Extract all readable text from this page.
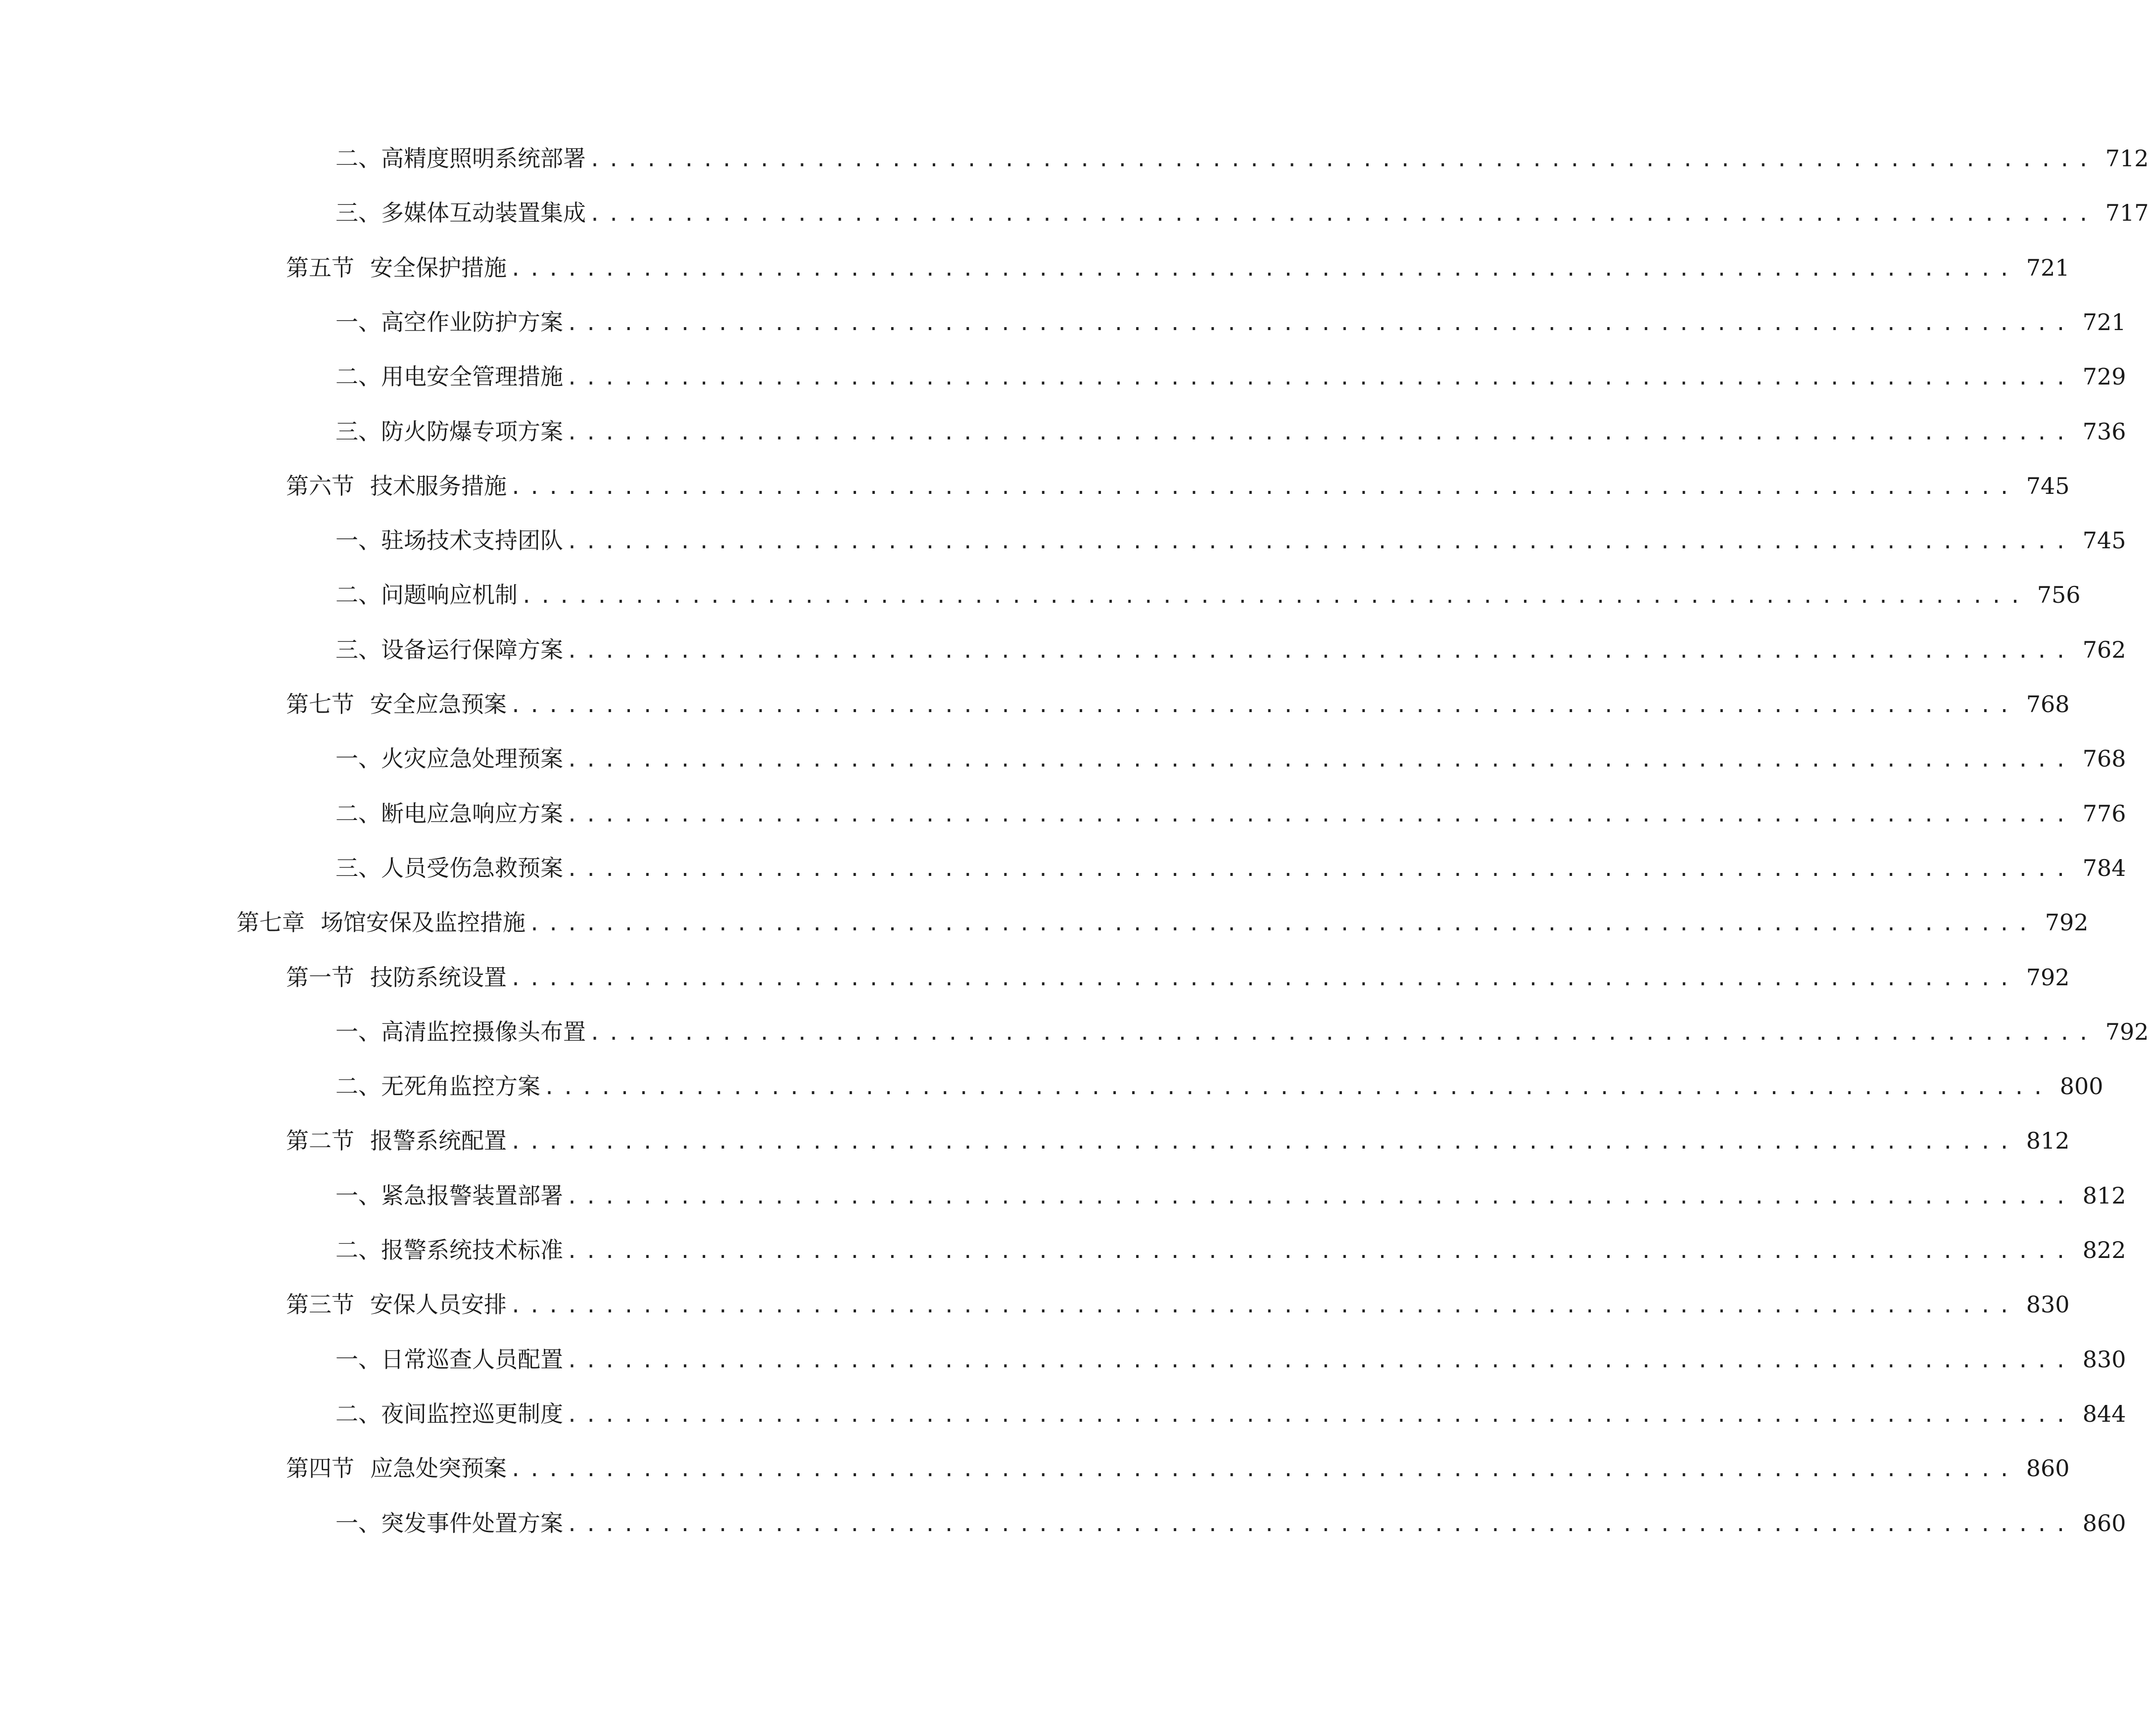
二、 高精度照明系统部署 ................................................................................ 712
三、 多媒体互动装置集成 ................................................................................ 717
第五节 安全保护措施 ................................................................................ 721
一、 高空作业防护方案 ................................................................................ 721
二、 用电安全管理措施 ................................................................................ 729
三、 防火防爆专项方案 ................................................................................ 736
第六节 技术服务措施 ................................................................................ 745
一、 驻场技术支持团队 ................................................................................ 745
二、 问题响应机制 ................................................................................ 756
三、 设备运行保障方案 ................................................................................ 762
第七节 安全应急预案 ................................................................................ 768
一、 火灾应急处理预案 ................................................................................ 768
二、 断电应急响应方案 ................................................................................ 776
三、 人员受伤急救预案 ................................................................................ 784
第七章 场馆安保及监控措施 ................................................................................ 792
第一节 技防系统设置 ................................................................................ 792
一、 高清监控摄像头布置 ................................................................................ 792
二、 无死角监控方案 ................................................................................ 800
第二节 报警系统配置 ................................................................................ 812
一、 紧急报警装置部署 ................................................................................ 812
二、 报警系统技术标准 ................................................................................ 822
第三节 安保人员安排 ................................................................................ 830
一、 日常巡查人员配置 ................................................................................ 830
二、 夜间监控巡更制度 ................................................................................ 844
第四节 应急处突预案 ................................................................................ 860
一、 突发事件处置方案 ................................................................................ 860
